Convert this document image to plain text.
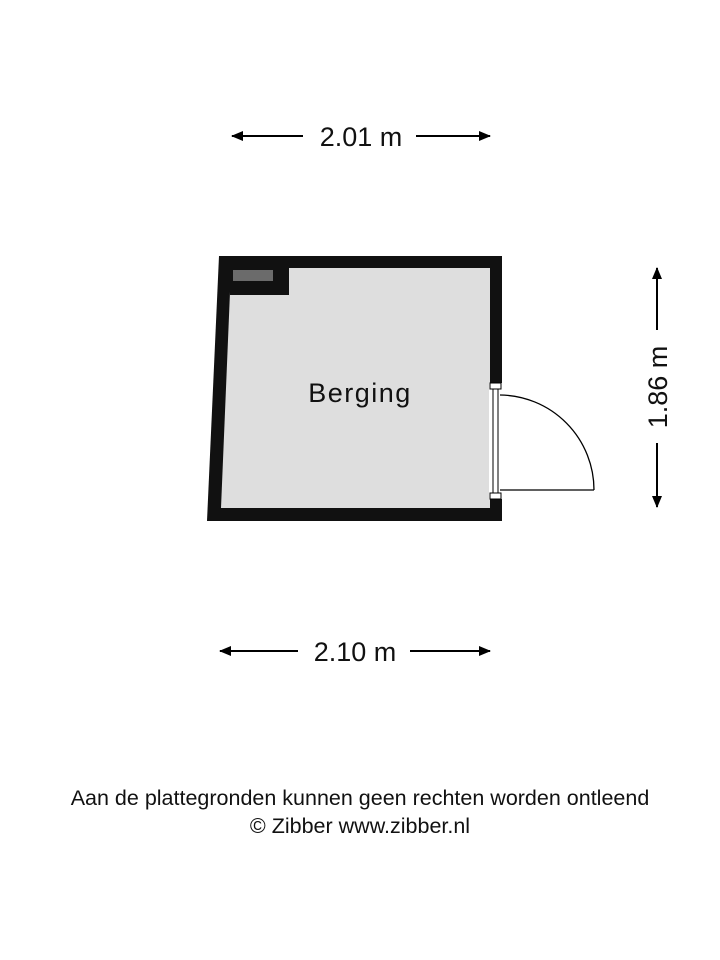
2.01 m
2.10 m
1.86 m
Berging
Aan de plattegronden kunnen geen rechten worden ontleend
© Zibber www.zibber.nl
